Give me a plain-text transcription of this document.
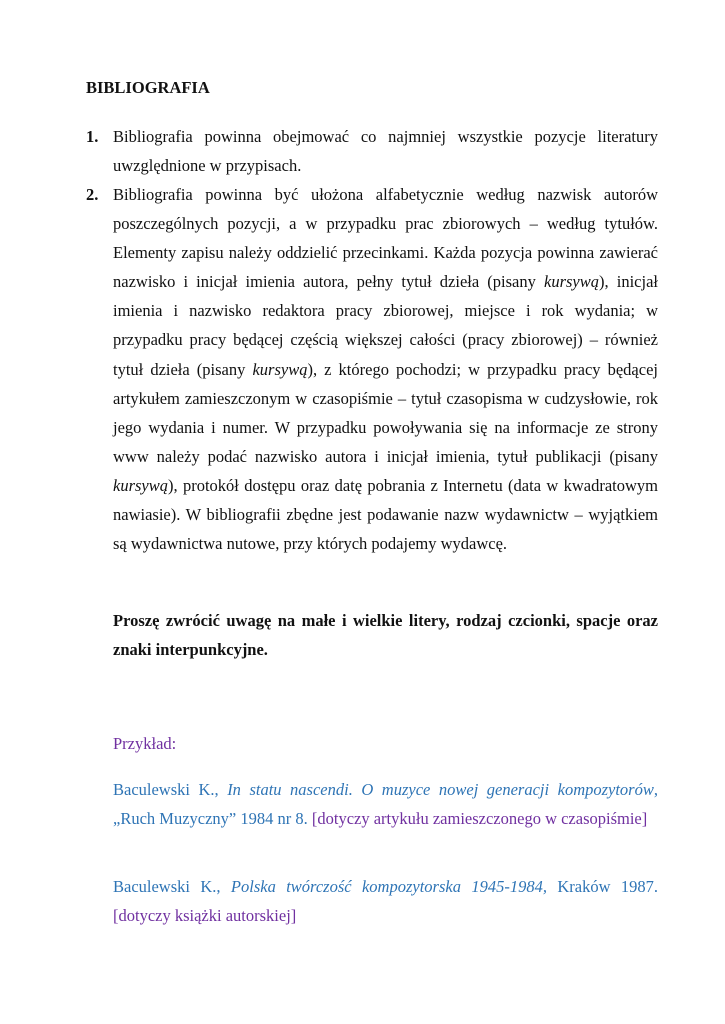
BIBLIOGRAFIA
1. Bibliografia powinna obejmować co najmniej wszystkie pozycje literatury uwzględnione w przypisach.
2. Bibliografia powinna być ułożona alfabetycznie według nazwisk autorów poszczególnych pozycji, a w przypadku prac zbiorowych – według tytułów. Elementy zapisu należy oddzielić przecinkami. Każda pozycja powinna zawierać nazwisko i inicjał imienia autora, pełny tytuł dzieła (pisany kursywą), inicjał imienia i nazwisko redaktora pracy zbiorowej, miejsce i rok wydania; w przypadku pracy będącej częścią większej całości (pracy zbiorowej) – również tytuł dzieła (pisany kursywą), z którego pochodzi; w przypadku pracy będącej artykułem zamieszczonym w czasopiśmie – tytuł czasopisma w cudzysłowie, rok jego wydania i numer. W przypadku powoływania się na informacje ze strony www należy podać nazwisko autora i inicjał imienia, tytuł publikacji (pisany kursywą), protokół dostępu oraz datę pobrania z Internetu (data w kwadratowym nawiasie). W bibliografii zbędne jest podawanie nazw wydawnictw – wyjątkiem są wydawnictwa nutowe, przy których podajemy wydawcę.
Proszę zwrócić uwagę na małe i wielkie litery, rodzaj czcionki, spacje oraz znaki interpunkcyjne.
Przykład:
Baculewski K., In statu nascendi. O muzyce nowej generacji kompozytorów, „Ruch Muzyczny” 1984 nr 8. [dotyczy artykułu zamieszczonego w czasopiśmie]
Baculewski K., Polska twórczość kompozytorska 1945-1984, Kraków 1987. [dotyczy książki autorskiej]
